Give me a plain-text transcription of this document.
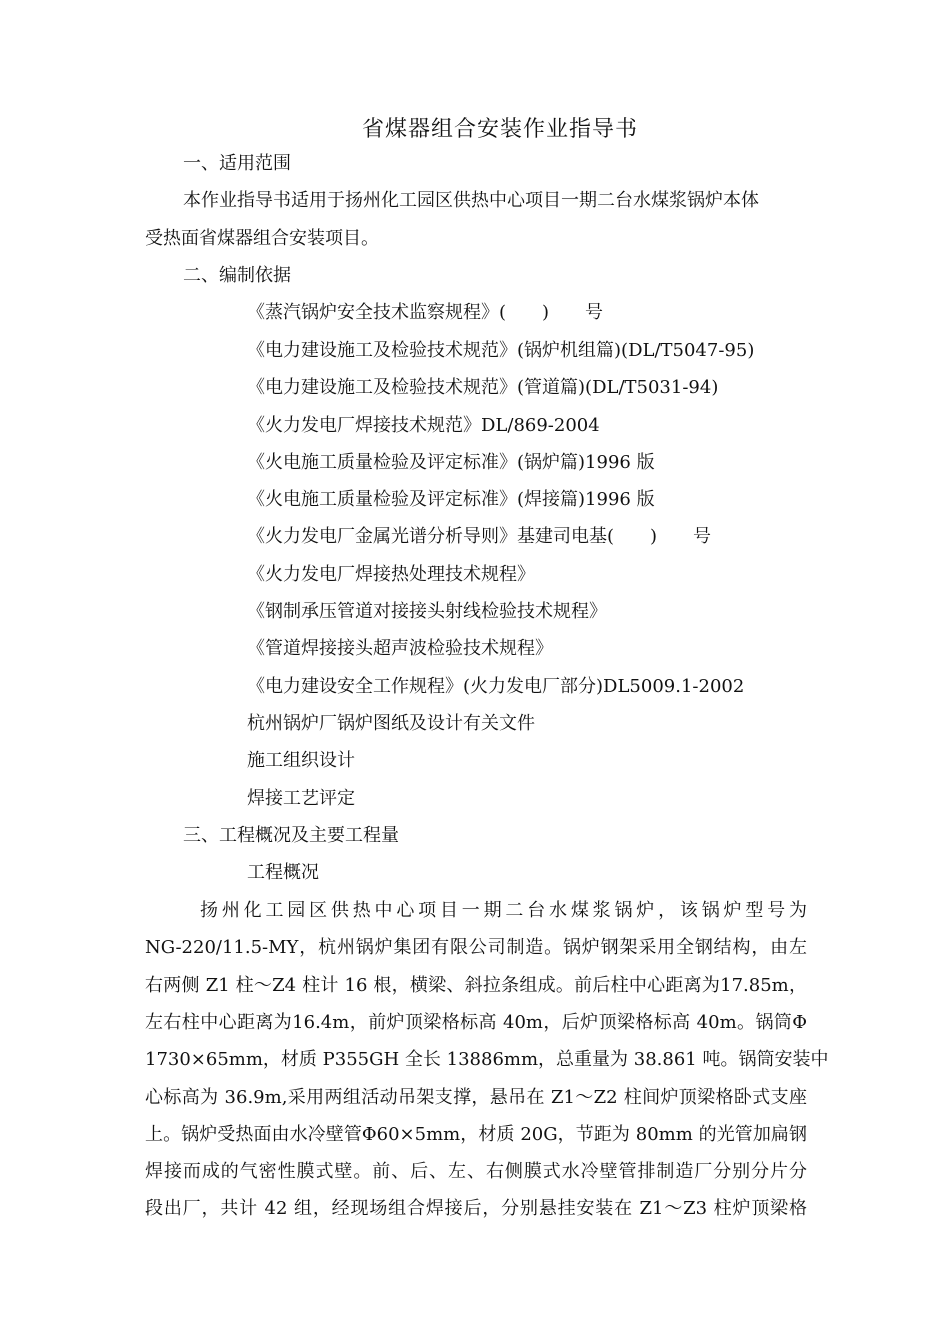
省煤器组合安装作业指导书
一、适用范围
本作业指导书适用于扬州化工园区供热中心项目一期二台水煤浆锅炉本体
受热面省煤器组合安装项目。
二、编制依据
《蒸汽锅炉安全技术监察规程》(　　)　　号
《电力建设施工及检验技术规范》(锅炉机组篇)(DL/T5047-95)
《电力建设施工及检验技术规范》(管道篇)(DL/T5031-94)
《火力发电厂焊接技术规范》DL/869-2004
《火电施工质量检验及评定标准》(锅炉篇)1996 版
《火电施工质量检验及评定标准》(焊接篇)1996 版
《火力发电厂金属光谱分析导则》基建司电基(　　)　　号
《火力发电厂焊接热处理技术规程》
《钢制承压管道对接接头射线检验技术规程》
《管道焊接接头超声波检验技术规程》
《电力建设安全工作规程》(火力发电厂部分)DL5009.1-2002
杭州锅炉厂锅炉图纸及设计有关文件
施工组织设计
焊接工艺评定
三、工程概况及主要工程量
工程概况
扬州化工园区供热中心项目一期二台水煤浆锅炉，该锅炉型号为
NG-220/11.5-MY，杭州锅炉集团有限公司制造。锅炉钢架采用全钢结构，由左
右两侧 Z1 柱～Z4 柱计 16 根，横梁、斜拉条组成。前后柱中心距离为17.85m，
左右柱中心距离为16.4m，前炉顶梁格标高 40m，后炉顶梁格标高 40m。锅筒Φ
1730×65mm，材质 P355GH 全长 13886mm，总重量为 38.861 吨。锅筒安装中
心标高为 36.9m,采用两组活动吊架支撑，悬吊在 Z1～Z2 柱间炉顶梁格卧式支座
上。锅炉受热面由水冷壁管Φ60×5mm，材质 20G，节距为 80mm 的光管加扁钢
焊接而成的气密性膜式壁。前、后、左、右侧膜式水冷壁管排制造厂分别分片分
段出厂，共计 42 组，经现场组合焊接后，分别悬挂安装在 Z1～Z3 柱炉顶梁格
